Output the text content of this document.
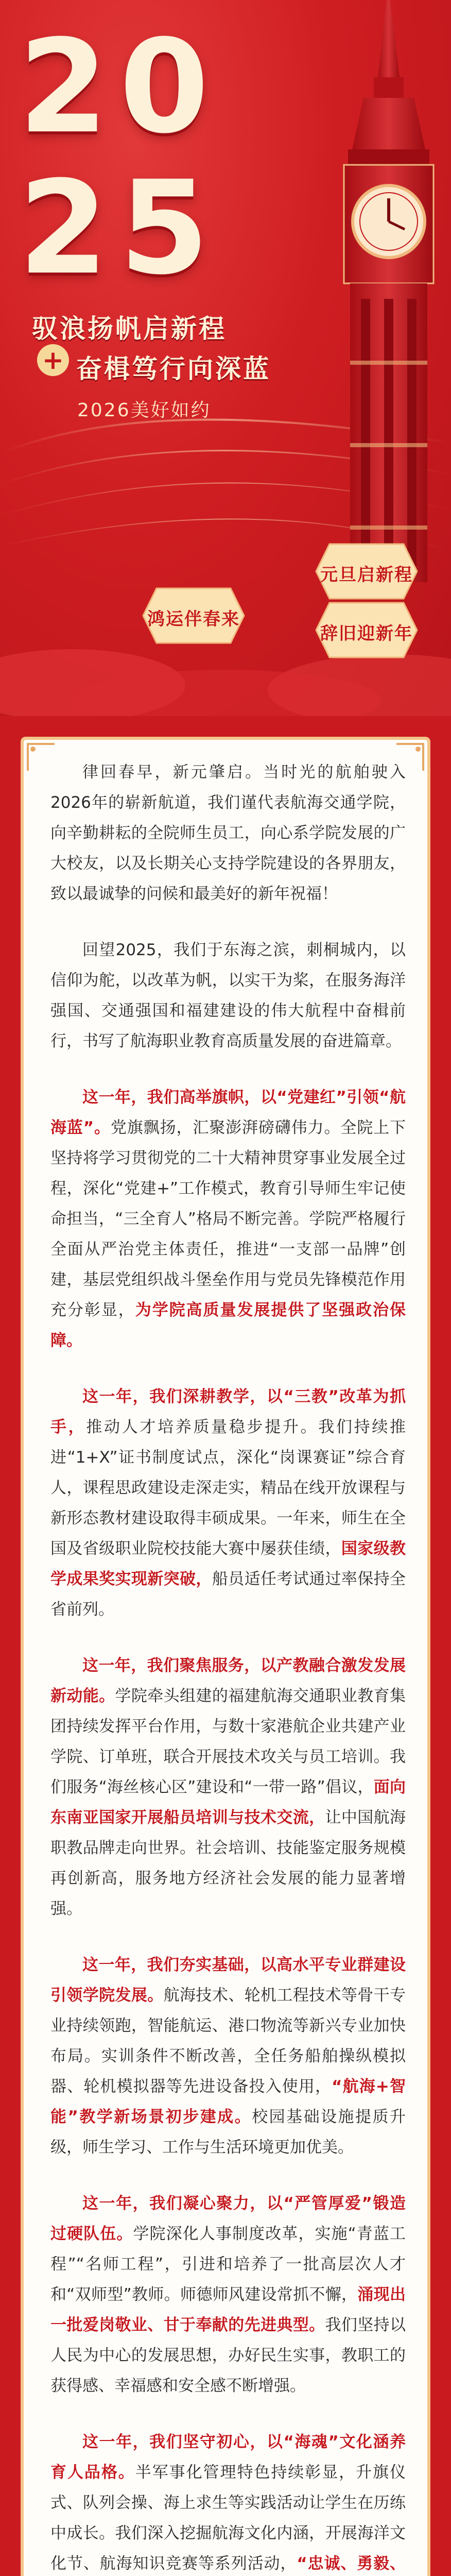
20
25
驭浪扬帆启新程
+ 奋楫笃行向深蓝
2026美好如约
鸿运伴春来
元旦启新程
辞旧迎新年

律回春早，新元肇启。当时光的航舶驶入2026年的崭新航道，我们谨代表航海交通学院，向辛勤耕耘的全院师生员工，向心系学院发展的广大校友，以及长期关心支持学院建设的各界朋友，致以最诚挚的问候和最美好的新年祝福！

回望2025，我们于东海之滨，刺桐城内，以信仰为舵，以改革为帆，以实干为桨，在服务海洋强国、交通强国和福建建设的伟大航程中奋楫前行，书写了航海职业教育高质量发展的奋进篇章。

这一年，我们高举旗帜，以“党建红”引领“航海蓝”。党旗飘扬，汇聚澎湃磅礴伟力。全院上下坚持将学习贯彻党的二十大精神贯穿事业发展全过程，深化“党建+”工作模式，教育引导师生牢记使命担当，“三全育人”格局不断完善。学院严格履行全面从严治党主体责任，推进“一支部一品牌”创建，基层党组织战斗堡垒作用与党员先锋模范作用充分彰显，为学院高质量发展提供了坚强政治保障。

这一年，我们深耕教学，以“三教”改革为抓手，推动人才培养质量稳步提升。我们持续推进“1+X”证书制度试点，深化“岗课赛证”综合育人，课程思政建设走深走实，精品在线开放课程与新形态教材建设取得丰硕成果。一年来，师生在全国及省级职业院校技能大赛中屡获佳绩，国家级教学成果奖实现新突破，船员适任考试通过率保持全省前列。

这一年，我们聚焦服务，以产教融合激发发展新动能。学院牵头组建的福建航海交通职业教育集团持续发挥平台作用，与数十家港航企业共建产业学院、订单班，联合开展技术攻关与员工培训。我们服务“海丝核心区”建设和“一带一路”倡议，面向东南亚国家开展船员培训与技术交流，让中国航海职教品牌走向世界。社会培训、技能鉴定服务规模再创新高，服务地方经济社会发展的能力显著增强。

这一年，我们夯实基础，以高水平专业群建设引领学院发展。航海技术、轮机工程技术等骨干专业持续领跑，智能航运、港口物流等新兴专业加快布局。实训条件不断改善，全任务船舶操纵模拟器、轮机模拟器等先进设备投入使用，“航海+智能”教学新场景初步建成。校园基础设施提质升级，师生学习、工作与生活环境更加优美。

这一年，我们凝心聚力，以“严管厚爱”锻造过硬队伍。学院深化人事制度改革，实施“青蓝工程”“名师工程”，引进和培养了一批高层次人才和“双师型”教师。师德师风建设常抓不懈，涌现出一批爱岗敬业、甘于奉献的先进典型。我们坚持以人民为中心的发展思想，办好民生实事，教职工的获得感、幸福感和安全感不断增强。

这一年，我们坚守初心，以“海魂”文化涵养育人品格。半军事化管理特色持续彰显，升旗仪式、队列会操、海上求生等实践活动让学生在历练中成长。我们深入挖掘航海文化内涵，开展海洋文化节、航海知识竞赛等系列活动，“忠诚、勇毅、
